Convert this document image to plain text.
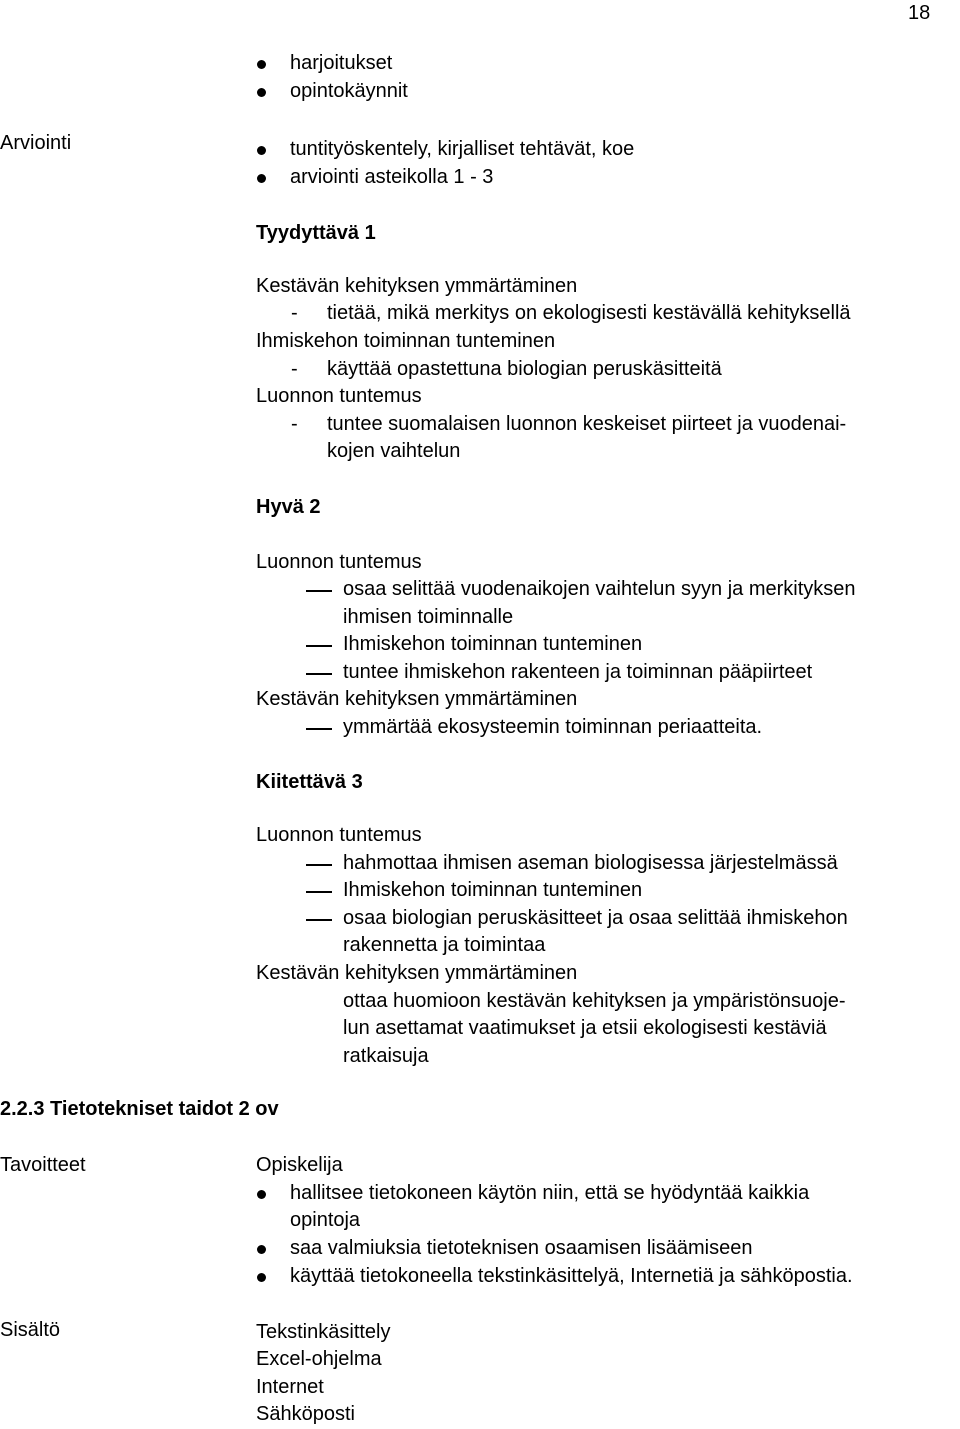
18
harjoitukset
opintokäynnit
Arviointi	tuntityöskentely, kirjalliset tehtävät, koe
arviointi asteikolla 1 - 3
Tyydyttävä 1
Kestävän kehityksen ymmärtäminen
- tietää, mikä merkitys on ekologisesti kestävällä kehityksellä
Ihmiskehon toiminnan tunteminen
- käyttää opastettuna biologian peruskäsitteitä
Luonnon tuntemus
- tuntee suomalaisen luonnon keskeiset piirteet ja vuodenai-
kojen vaihtelun
Hyvä 2
Luonnon tuntemus
osaa selittää vuodenaikojen vaihtelun syyn ja merkityksen
ihmisen toiminnalle
Ihmiskehon toiminnan tunteminen
tuntee ihmiskehon rakenteen ja toiminnan pääpiirteet
Kestävän kehityksen ymmärtäminen
ymmärtää ekosysteemin toiminnan periaatteita.
Kiitettävä 3
Luonnon tuntemus
hahmottaa ihmisen aseman biologisessa järjestelmässä
Ihmiskehon toiminnan tunteminen
osaa biologian peruskäsitteet ja osaa selittää ihmiskehon
rakennetta ja toimintaa
Kestävän kehityksen ymmärtäminen
ottaa huomioon kestävän kehityksen ja ympäristönsuoje-
lun asettamat vaatimukset ja etsii ekologisesti kestäviä
ratkaisuja
2.2.3 Tietotekniset taidot 2 ov
Tavoitteet	Opiskelija
hallitsee tietokoneen käytön niin, että se hyödyntää kaikkia
opintoja
saa valmiuksia tietoteknisen osaamisen lisäämiseen
käyttää tietokoneella tekstinkäsittelyä, Internetiä ja sähköpostia.
Sisältö	Tekstinkäsittely
Excel-ohjelma
Internet
Sähköposti
